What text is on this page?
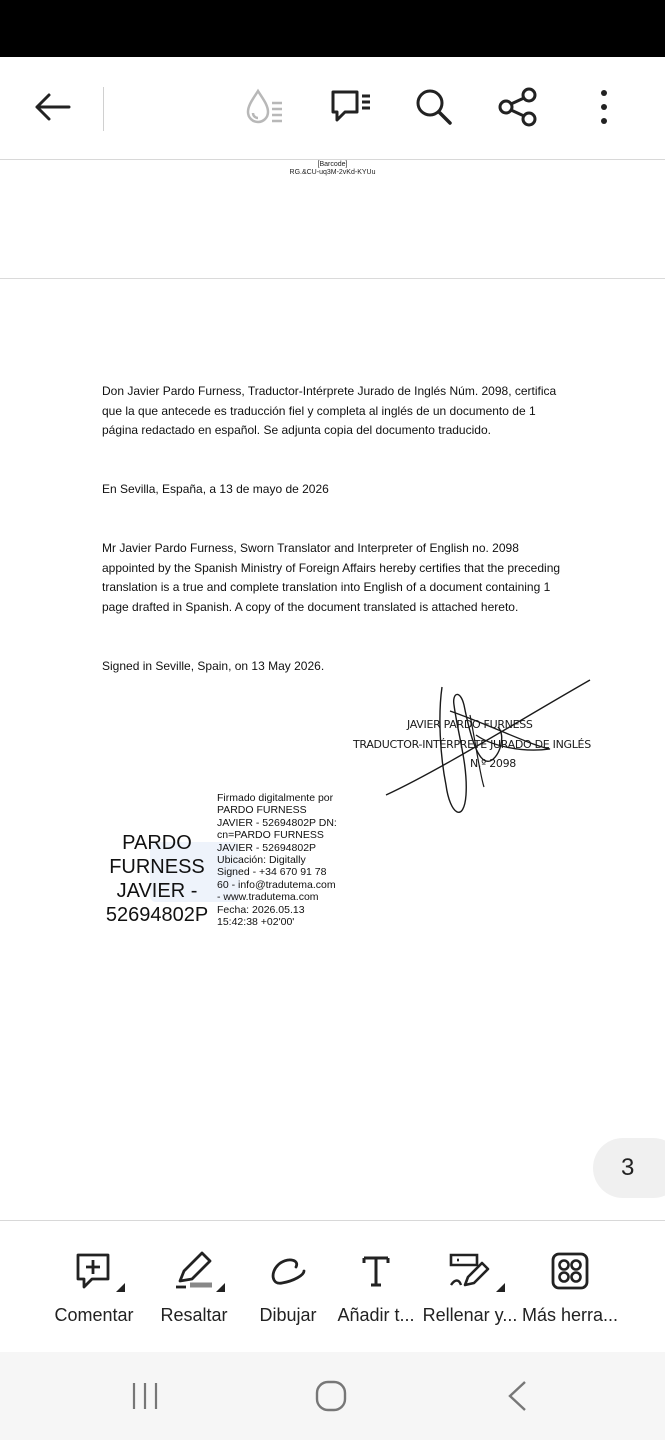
[Barcode]
RG.&CU-uq3M-2vKd-KYUu

Don Javier Pardo Furness, Traductor-Intérprete Jurado de Inglés Núm. 2098, certifica que la que antecede es traducción fiel y completa al inglés de un documento de 1 página redactado en español. Se adjunta copia del documento traducido.

En Sevilla, España, a 13 de mayo de 2026

Mr Javier Pardo Furness, Sworn Translator and Interpreter of English no. 2098 appointed by the Spanish Ministry of Foreign Affairs hereby certifies that the preceding translation is a true and complete translation into English of a document containing 1 page drafted in Spanish. A copy of the document translated is attached hereto.

Signed in Seville, Spain, on 13 May 2026.

JAVIER PARDO FURNESS
TRADUCTOR-INTÉRPRETE JURADO DE INGLÉS
N.º 2098
PARDO FURNESS JAVIER - 52694802P
Firmado digitalmente por PARDO FURNESS JAVIER - 52694802P DN: cn=PARDO FURNESS JAVIER - 52694802P Ubicación: Digitally Signed - +34 670 91 78 60 - info@tradutema.com - www.tradutema.com Fecha: 2026.05.13 15:42:38 +02'00'
3
Comentar	Resaltar	Dibujar	Añadir t... Rellenar y... Más herra...
